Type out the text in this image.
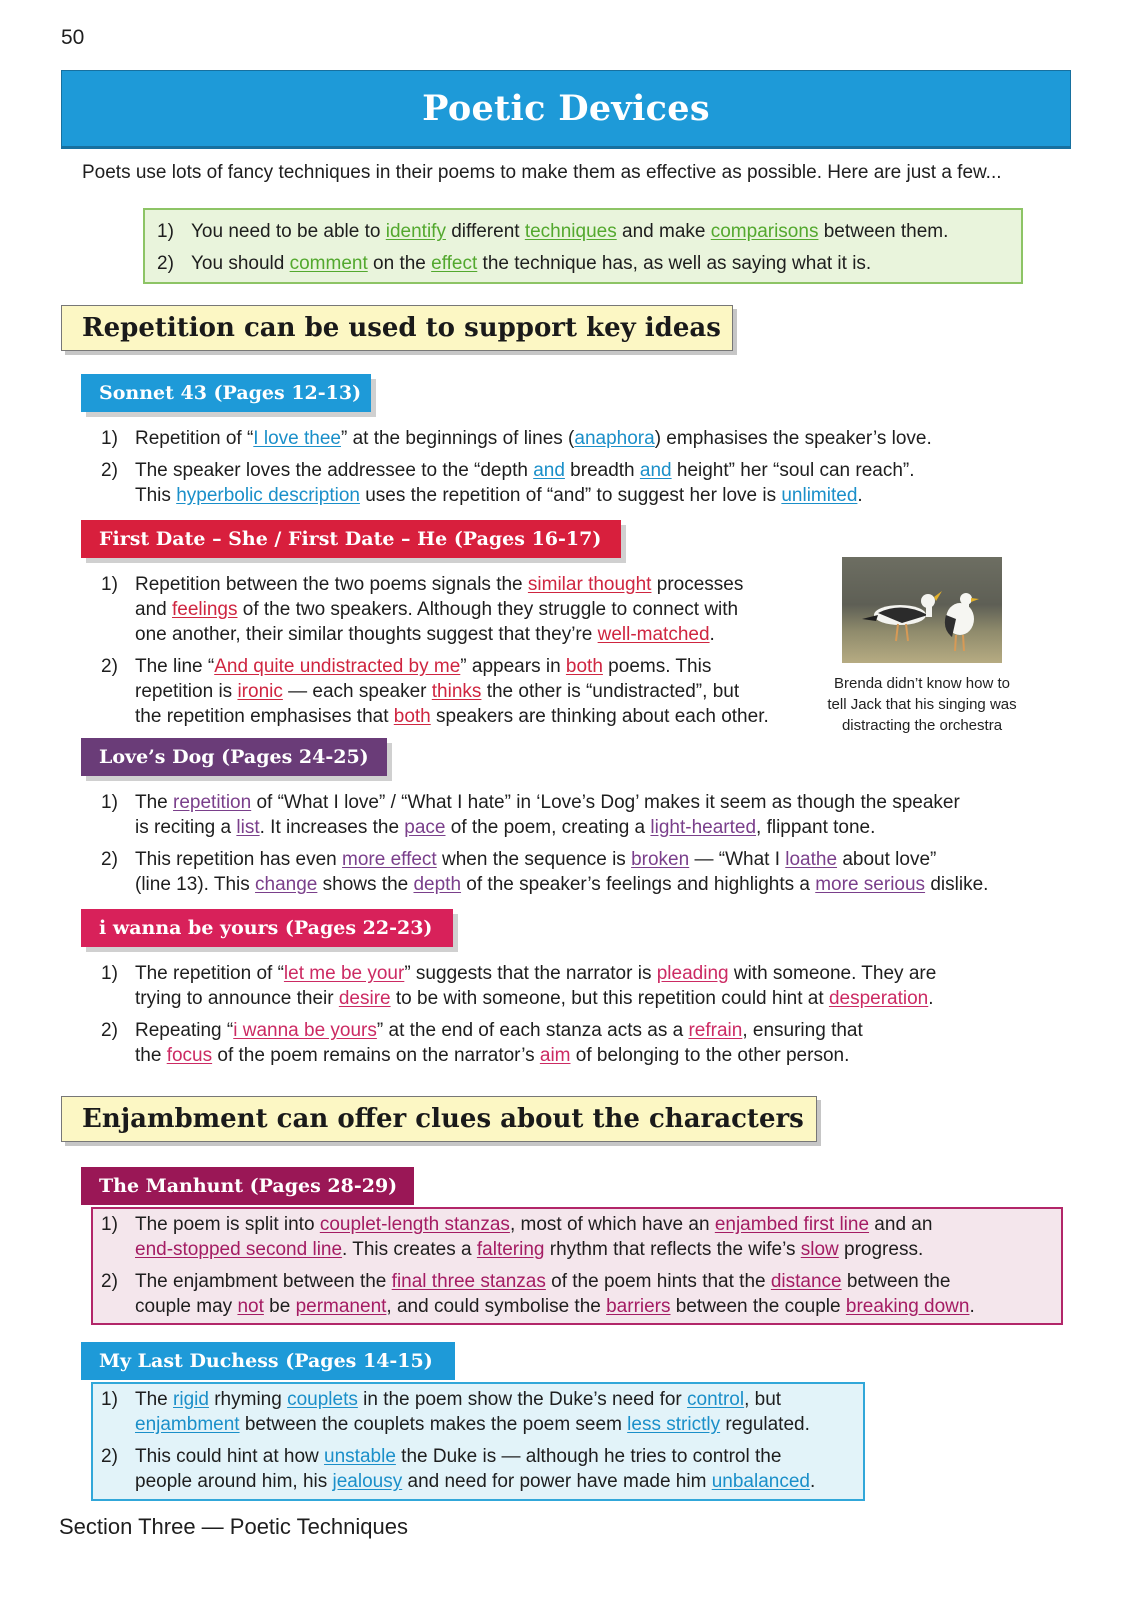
50
Poetic Devices
Poets use lots of fancy techniques in their poems to make them as effective as possible. Here are just a few...
1) You need to be able to identify different techniques and make comparisons between them.
2) You should comment on the effect the technique has, as well as saying what it is.
Repetition can be used to support key ideas
Sonnet 43 (Pages 12-13)
1) Repetition of “I love thee” at the beginnings of lines (anaphora) emphasises the speaker’s love.
2) The speaker loves the addressee to the “depth and breadth and height” her “soul can reach”.
This hyperbolic description uses the repetition of “and” to suggest her love is unlimited.
First Date – She / First Date – He (Pages 16-17)
1) Repetition between the two poems signals the similar thought processes
and feelings of the two speakers. Although they struggle to connect with
one another, their similar thoughts suggest that they’re well-matched.
2) The line “And quite undistracted by me” appears in both poems. This
repetition is ironic — each speaker thinks the other is “undistracted”, but
the repetition emphasises that both speakers are thinking about each other.
Brenda didn’t know how to
tell Jack that his singing was
distracting the orchestra
Love’s Dog (Pages 24-25)
1) The repetition of “What I love” / “What I hate” in ‘Love’s Dog’ makes it seem as though the speaker
is reciting a list. It increases the pace of the poem, creating a light-hearted, flippant tone.
2) This repetition has even more effect when the sequence is broken — “What I loathe about love”
(line 13). This change shows the depth of the speaker’s feelings and highlights a more serious dislike.
i wanna be yours (Pages 22-23)
1) The repetition of “let me be your” suggests that the narrator is pleading with someone. They are
trying to announce their desire to be with someone, but this repetition could hint at desperation.
2) Repeating “i wanna be yours” at the end of each stanza acts as a refrain, ensuring that
the focus of the poem remains on the narrator’s aim of belonging to the other person.
Enjambment can offer clues about the characters
The Manhunt (Pages 28-29)
1) The poem is split into couplet-length stanzas, most of which have an enjambed first line and an
end-stopped second line. This creates a faltering rhythm that reflects the wife’s slow progress.
2) The enjambment between the final three stanzas of the poem hints that the distance between the
couple may not be permanent, and could symbolise the barriers between the couple breaking down.
My Last Duchess (Pages 14-15)
1) The rigid rhyming couplets in the poem show the Duke’s need for control, but
enjambment between the couplets makes the poem seem less strictly regulated.
2) This could hint at how unstable the Duke is — although he tries to control the
people around him, his jealousy and need for power have made him unbalanced.
Section Three — Poetic Techniques
